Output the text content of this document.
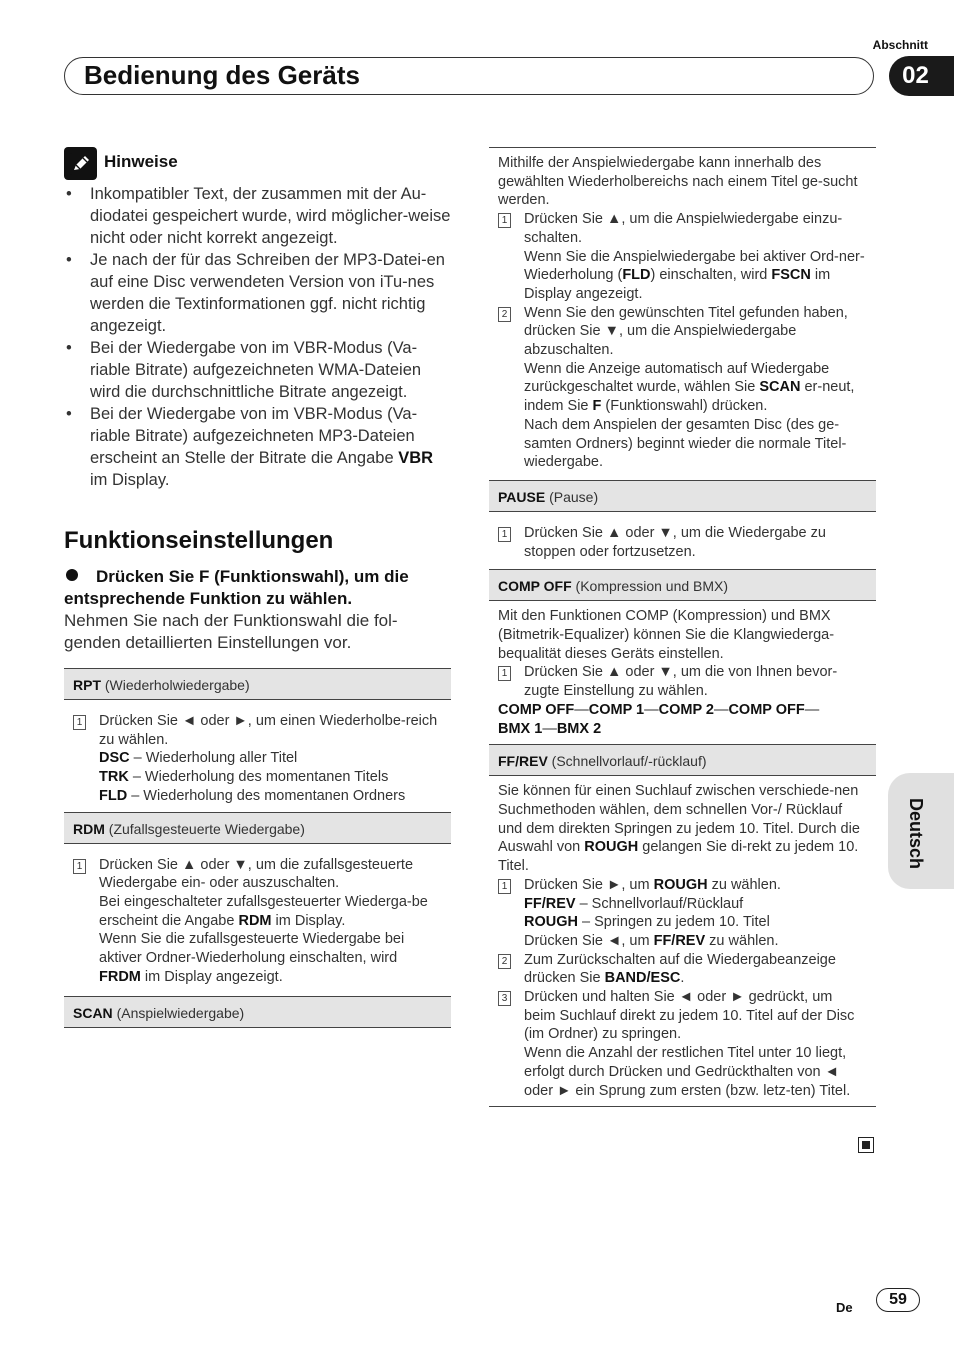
Abschnitt
Bedienung des Geräts	02
Hinweise
• Inkompatibler Text, der zusammen mit der Au-diodatei gespeichert wurde, wird möglicher-weise nicht oder nicht korrekt angezeigt.
• Je nach der für das Schreiben der MP3-Datei-en auf eine Disc verwendeten Version von iTu-nes werden die Textinformationen ggf. nicht richtig angezeigt.
• Bei der Wiedergabe von im VBR-Modus (Va-riable Bitrate) aufgezeichneten WMA-Dateien wird die durchschnittliche Bitrate angezeigt.
• Bei der Wiedergabe von im VBR-Modus (Va-riable Bitrate) aufgezeichneten MP3-Dateien erscheint an Stelle der Bitrate die Angabe VBR im Display.
Funktionseinstellungen
Drücken Sie F (Funktionswahl), um die entsprechende Funktion zu wählen.
Nehmen Sie nach der Funktionswahl die fol-genden detaillierten Einstellungen vor.
RPT (Wiederholwiedergabe)
1 Drücken Sie ◄ oder ►, um einen Wiederholbe-reich zu wählen.
DSC – Wiederholung aller Titel
TRK – Wiederholung des momentanen Titels
FLD – Wiederholung des momentanen Ordners
RDM (Zufallsgesteuerte Wiedergabe)
1 Drücken Sie ▲ oder ▼, um die zufallsgesteuerte Wiedergabe ein- oder auszuschalten.
Bei eingeschalteter zufallsgesteuerter Wiederga-be erscheint die Angabe RDM im Display.
Wenn Sie die zufallsgesteuerte Wiedergabe bei aktiver Ordner-Wiederholung einschalten, wird FRDM im Display angezeigt.
SCAN (Anspielwiedergabe)
Mithilfe der Anspielwiedergabe kann innerhalb des gewählten Wiederholbereichs nach einem Titel ge-sucht werden.
1 Drücken Sie ▲, um die Anspielwiedergabe einzu-schalten.
Wenn Sie die Anspielwiedergabe bei aktiver Ord-ner-Wiederholung (FLD) einschalten, wird FSCN im Display angezeigt.
2 Wenn Sie den gewünschten Titel gefunden haben, drücken Sie ▼, um die Anspielwiedergabe abzuschalten.
Wenn die Anzeige automatisch auf Wiedergabe zurückgeschaltet wurde, wählen Sie SCAN er-neut, indem Sie F (Funktionswahl) drücken.
Nach dem Anspielen der gesamten Disc (des ge-samten Ordners) beginnt wieder die normale Titel-wiedergabe.
PAUSE (Pause)
1 Drücken Sie ▲ oder ▼, um die Wiedergabe zu stoppen oder fortzusetzen.
COMP OFF (Kompression und BMX)
Mit den Funktionen COMP (Kompression) und BMX (Bitmetrik-Equalizer) können Sie die Klangwiederga-bequalität dieses Geräts einstellen.
1 Drücken Sie ▲ oder ▼, um die von Ihnen bevor-zugte Einstellung zu wählen.
COMP OFF—COMP 1—COMP 2—COMP OFF—
BMX 1—BMX 2
FF/REV (Schnellvorlauf/-rücklauf)
Sie können für einen Suchlauf zwischen verschiede-nen Suchmethoden wählen, dem schnellen Vor-/ Rücklauf und dem direkten Springen zu jedem 10. Titel. Durch die Auswahl von ROUGH gelangen Sie di-rekt zu jedem 10. Titel.
1 Drücken Sie ►, um ROUGH zu wählen.
FF/REV – Schnellvorlauf/Rücklauf
ROUGH – Springen zu jedem 10. Titel
Drücken Sie ◄, um FF/REV zu wählen.
2 Zum Zurückschalten auf die Wiedergabeanzeige drücken Sie BAND/ESC.
3 Drücken und halten Sie ◄ oder ► gedrückt, um beim Suchlauf direkt zu jedem 10. Titel auf der Disc (im Ordner) zu springen.
Wenn die Anzahl der restlichen Titel unter 10 liegt, erfolgt durch Drücken und Gedrückthalten von ◄ oder ► ein Sprung zum ersten (bzw. letz-ten) Titel.
Deutsch
De	59
